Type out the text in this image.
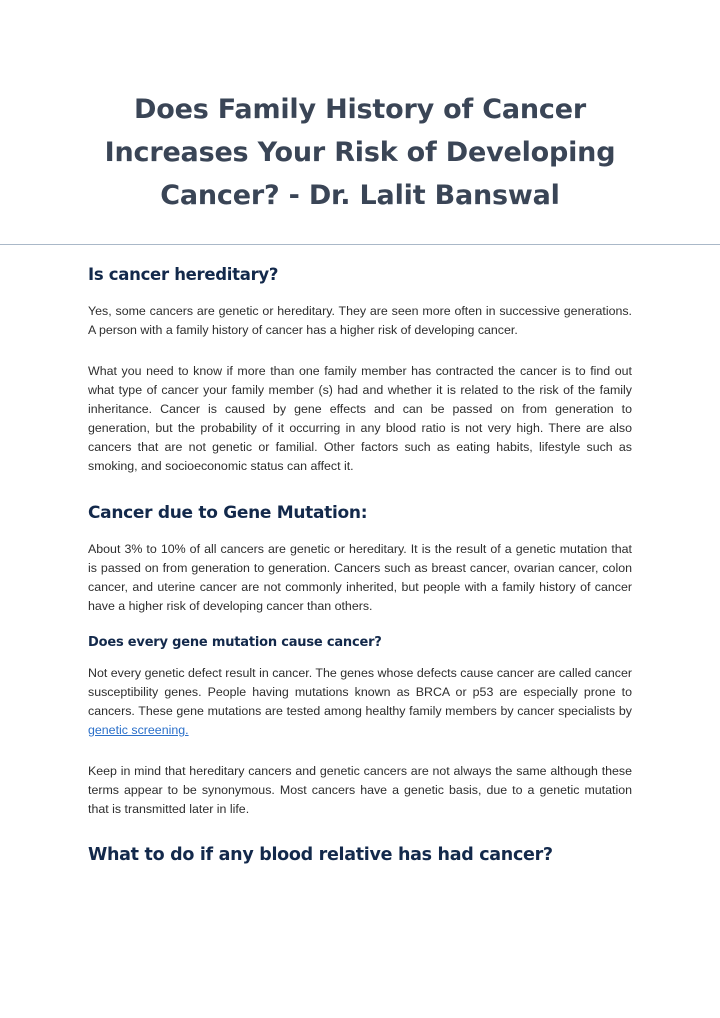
Does Family History of Cancer Increases Your Risk of Developing Cancer? - Dr. Lalit Banswal
Is cancer hereditary?

Yes, some cancers are genetic or hereditary. They are seen more often in successive generations. A person with a family history of cancer has a higher risk of developing cancer.

What you need to know if more than one family member has contracted the cancer is to find out what type of cancer your family member (s) had and whether it is related to the risk of the family inheritance. Cancer is caused by gene effects and can be passed on from generation to generation, but the probability of it occurring in any blood ratio is not very high. There are also cancers that are not genetic or familial. Other factors such as eating habits, lifestyle such as smoking, and socioeconomic status can affect it.

Cancer due to Gene Mutation:

About 3% to 10% of all cancers are genetic or hereditary. It is the result of a genetic mutation that is passed on from generation to generation. Cancers such as breast cancer, ovarian cancer, colon cancer, and uterine cancer are not commonly inherited, but people with a family history of cancer have a higher risk of developing cancer than others.

Does every gene mutation cause cancer?

Not every genetic defect result in cancer. The genes whose defects cause cancer are called cancer susceptibility genes. People having mutations known as BRCA or p53 are especially prone to cancers. These gene mutations are tested among healthy family members by cancer specialists by genetic screening.

Keep in mind that hereditary cancers and genetic cancers are not always the same although these terms appear to be synonymous. Most cancers have a genetic basis, due to a genetic mutation that is transmitted later in life.

What to do if any blood relative has had cancer?
